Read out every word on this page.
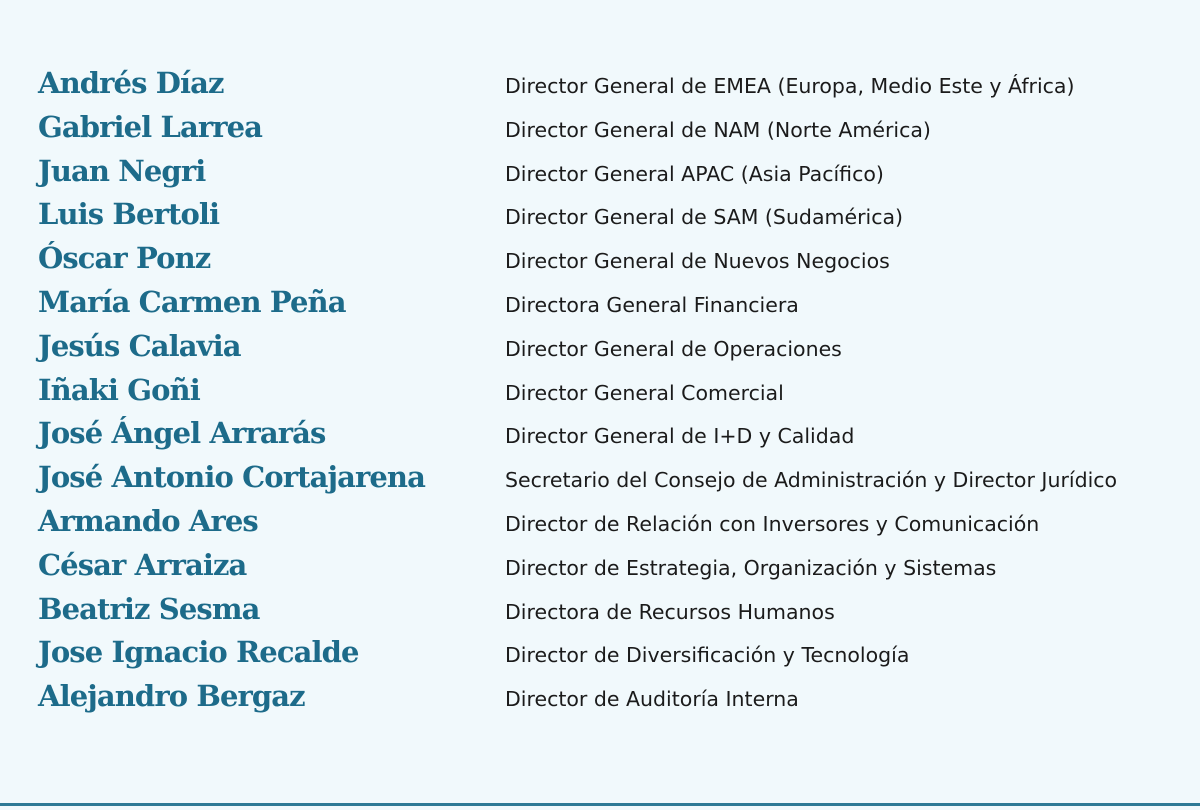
Andrés Díaz	Director General de EMEA (Europa, Medio Este y África)
Gabriel Larrea	Director General de NAM (Norte América)
Juan Negri	Director General APAC (Asia Pacífico)
Luis Bertoli	Director General de SAM (Sudamérica)
Óscar Ponz	Director General de Nuevos Negocios
María Carmen Peña	Directora General Financiera
Jesús Calavia	Director General de Operaciones
Iñaki Goñi	Director General Comercial
José Ángel Arrarás	Director General de I+D y Calidad
José Antonio Cortajarena	Secretario del Consejo de Administración y Director Jurídico
Armando Ares	Director de Relación con Inversores y Comunicación
César Arraiza	Director de Estrategia, Organización y Sistemas
Beatriz Sesma	Directora de Recursos Humanos
Jose Ignacio Recalde	Director de Diversificación y Tecnología
Alejandro Bergaz	Director de Auditoría Interna
